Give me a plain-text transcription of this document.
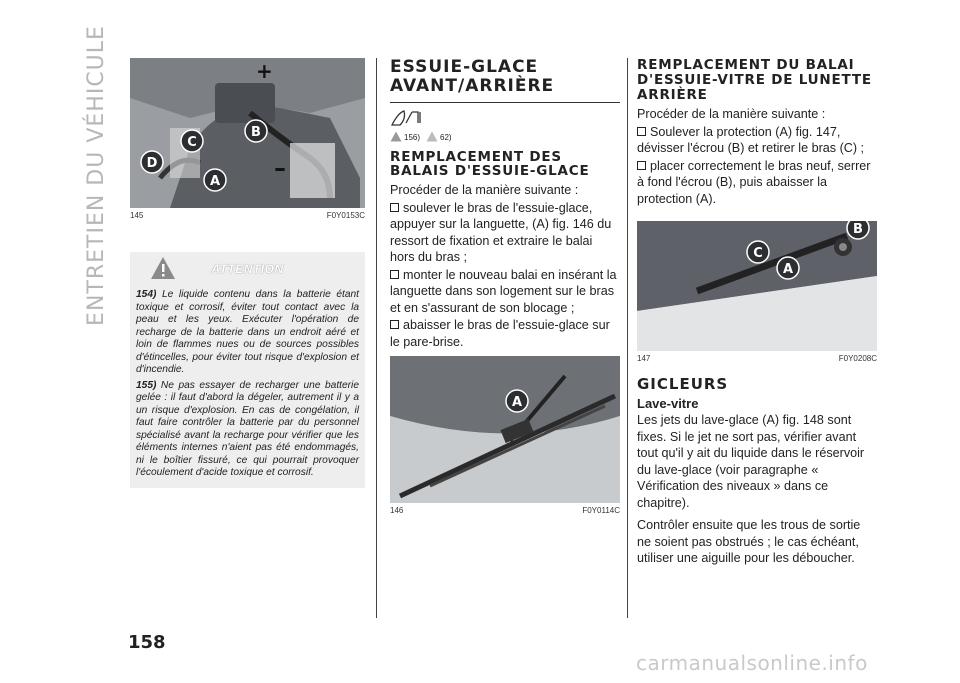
ENTRETIEN DU VÉHICULE	+
–
B
C
D
A
145	F0Y0153C
ATTENTION

154) Le liquide contenu dans la batterie étant toxique et corrosif, éviter tout contact avec la peau et les yeux. Exécuter l'opération de recharge de la batterie dans un endroit aéré et loin de flammes nues ou de sources possibles d'étincelles, pour éviter tout risque d'explosion et d'incendie.

155) Ne pas essayer de recharger une batterie gelée : il faut d'abord la dégeler, autrement il y a un risque d'explosion. En cas de congélation, il faut faire contrôler la batterie par du personnel spécialisé avant la recharge pour vérifier que les éléments internes n'aient pas été endommagés, ni le boîtier fissuré, ce qui pourrait provoquer l'écoulement d'acide toxique et corrosif.

ESSUIE-GLACE AVANT/ARRIÈRE
156)	62)
REMPLACEMENT DES BALAIS D'ESSUIE-GLACE

Procéder de la manière suivante :

soulever le bras de l'essuie-glace, appuyer sur la languette, (A) fig. 146 du ressort de fixation et extraire le balai hors du bras ;

monter le nouveau balai en insérant la languette dans son logement sur le bras et en s'assurant de son blocage ;

abaisser le bras de l'essuie-glace sur le pare-brise.

A
146	F0Y0114C
REMPLACEMENT DU BALAI D'ESSUIE-VITRE DE LUNETTE ARRIÈRE

Procéder de la manière suivante :

Soulever la protection (A) fig. 147, dévisser l'écrou (B) et retirer le bras (C) ;

placer correctement le bras neuf, serrer à fond l'écrou (B), puis abaisser la protection (A).

B
C
A
147	F0Y0208C
GICLEURS
Lave-vitre

Les jets du lave-glace (A) fig. 148 sont fixes. Si le jet ne sort pas, vérifier avant tout qu'il y ait du liquide dans le réservoir du lave-glace (voir paragraphe « Vérification des niveaux » dans ce chapitre).

Contrôler ensuite que les trous de sortie ne soient pas obstrués ; le cas échéant, utiliser une aiguille pour les déboucher.

158
carmanualsonline.info
